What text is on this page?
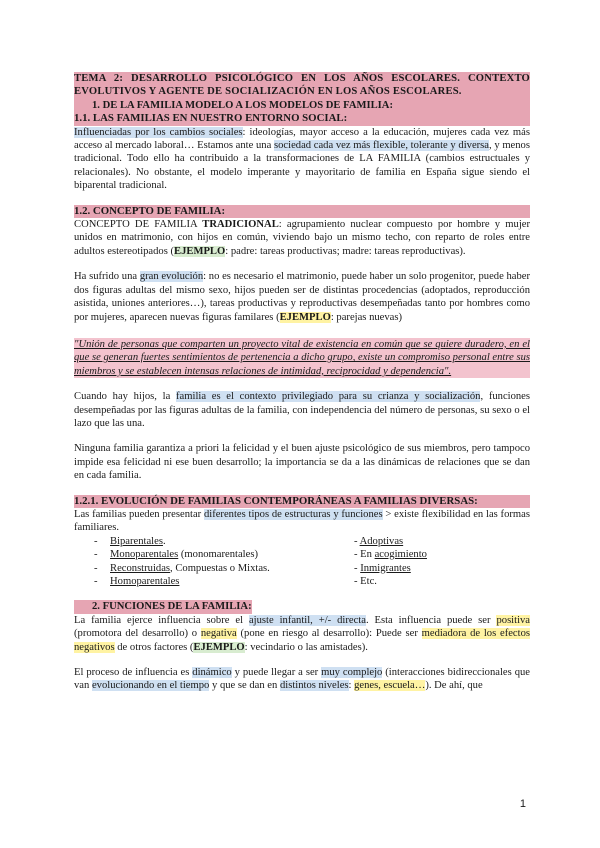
TEMA 2: DESARROLLO PSICOLÓGICO EN LOS AÑOS ESCOLARES. CONTEXTO EVOLUTIVOS Y AGENTE DE SOCIALIZACIÓN EN LOS AÑOS ESCOLARES.
1. DE LA FAMILIA MODELO A LOS MODELOS DE FAMILIA:
1.1. LAS FAMILIAS EN NUESTRO ENTORNO SOCIAL:

Influenciadas por los cambios sociales: ideologías, mayor acceso a la educación, mujeres cada vez más acceso al mercado laboral… Estamos ante una sociedad cada vez más flexible, tolerante y diversa, y menos tradicional. Todo ello ha contribuido a la transformaciones de LA FAMILIA (cambios estructuales y relacionales). No obstante, el modelo imperante y mayoritario de familia en España sigue siendo el biparental tradicional.

1.2. CONCEPTO DE FAMILIA:

CONCEPTO DE FAMILIA TRADICIONAL: agrupamiento nuclear compuesto por hombre y mujer unidos en matrimonio, con hijos en común, viviendo bajo un mismo techo, con reparto de roles entre adultos estereotipados (EJEMPLO: padre: tareas productivas; madre: tareas reproductivas).

Ha sufrido una gran evolución: no es necesario el matrimonio, puede haber un solo progenitor, puede haber dos figuras adultas del mismo sexo, hijos pueden ser de distintas procedencias (adoptados, reproducción asistida, uniones anteriores…), tareas productivas y reproductivas desempeñadas tanto por hombres como por mujeres, aparecen nuevas figuras familares (EJEMPLO: parejas nuevas)

"Unión de personas que comparten un proyecto vital de existencia en común que se quiere duradero, en el que se generan fuertes sentimientos de pertenencia a dicho grupo, existe un compromiso personal entre sus miembros y se establecen intensas relaciones de intimidad, reciprocidad y dependencia".

Cuando hay hijos, la familia es el contexto privilegiado para su crianza y socialización, funciones desempeñadas por las figuras adultas de la familia, con independencia del número de personas, su sexo o el lazo que las una.

Ninguna familia garantiza a priori la felicidad y el buen ajuste psicológico de sus miembros, pero tampoco impide esa felicidad ni ese buen desarrollo; la importancia se da a las dinámicas de relaciones que se dan en cada familia.

1.2.1. EVOLUCIÓN DE FAMILIAS CONTEMPORÁNEAS A FAMILIAS DIVERSAS:

Las familias pueden presentar diferentes tipos de estructuras y funciones > existe flexibilidad en las formas familiares.

-	Biparentales.	- Adoptivas
-	Monoparentales (monomarentales)	- En acogimiento
-	Reconstruidas, Compuestas o Mixtas.	- Inmigrantes
-	Homoparentales	- Etc.
2. FUNCIONES DE LA FAMILIA:

La familia ejerce influencia sobre el ajuste infantil, +/- directa. Esta influencia puede ser positiva (promotora del desarrollo) o negativa (pone en riesgo al desarrollo): Puede ser mediadora de los efectos negativos de otros factores (EJEMPLO: vecindario o las amistades).

El proceso de influencia es dinámico y puede llegar a ser muy complejo (interacciones bidireccionales que van evolucionando en el tiempo y que se dan en distintos niveles: genes, escuela…). De ahí, que

1
